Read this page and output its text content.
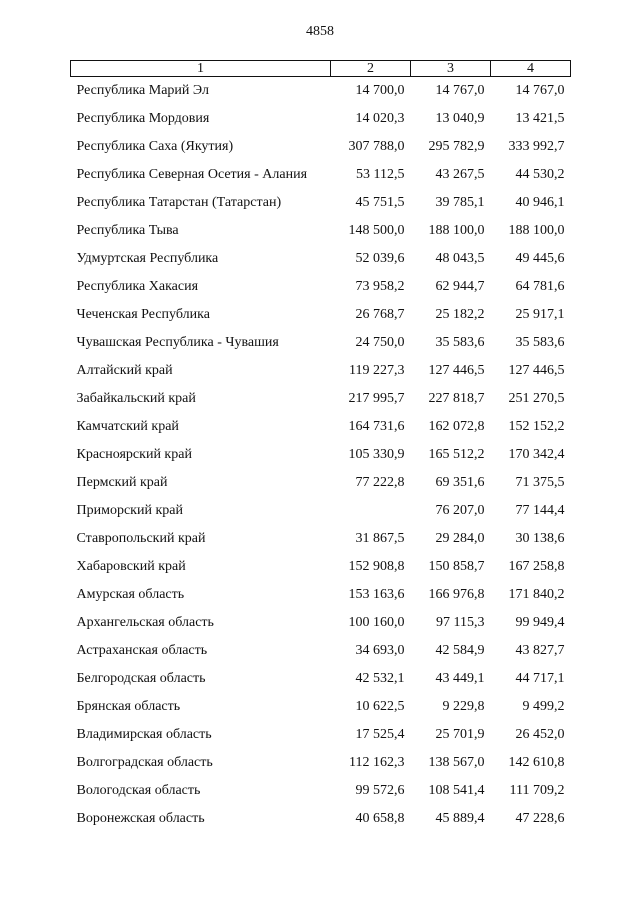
4858
1	2	3	4
Республика Марий Эл	14 700,0	14 767,0	14 767,0
Республика Мордовия	14 020,3	13 040,9	13 421,5
Республика Саха (Якутия)	307 788,0	295 782,9	333 992,7
Республика Северная Осетия - Алания	53 112,5	43 267,5	44 530,2
Республика Татарстан (Татарстан)	45 751,5	39 785,1	40 946,1
Республика Тыва	148 500,0	188 100,0	188 100,0
Удмуртская Республика	52 039,6	48 043,5	49 445,6
Республика Хакасия	73 958,2	62 944,7	64 781,6
Чеченская Республика	26 768,7	25 182,2	25 917,1
Чувашская Республика - Чувашия	24 750,0	35 583,6	35 583,6
Алтайский край	119 227,3	127 446,5	127 446,5
Забайкальский край	217 995,7	227 818,7	251 270,5
Камчатский край	164 731,6	162 072,8	152 152,2
Красноярский край	105 330,9	165 512,2	170 342,4
Пермский край	77 222,8	69 351,6	71 375,5
Приморский край		76 207,0	77 144,4
Ставропольский край	31 867,5	29 284,0	30 138,6
Хабаровский край	152 908,8	150 858,7	167 258,8
Амурская область	153 163,6	166 976,8	171 840,2
Архангельская область	100 160,0	97 115,3	99 949,4
Астраханская область	34 693,0	42 584,9	43 827,7
Белгородская область	42 532,1	43 449,1	44 717,1
Брянская область	10 622,5	9 229,8	9 499,2
Владимирская область	17 525,4	25 701,9	26 452,0
Волгоградская область	112 162,3	138 567,0	142 610,8
Вологодская область	99 572,6	108 541,4	111 709,2
Воронежская область	40 658,8	45 889,4	47 228,6
